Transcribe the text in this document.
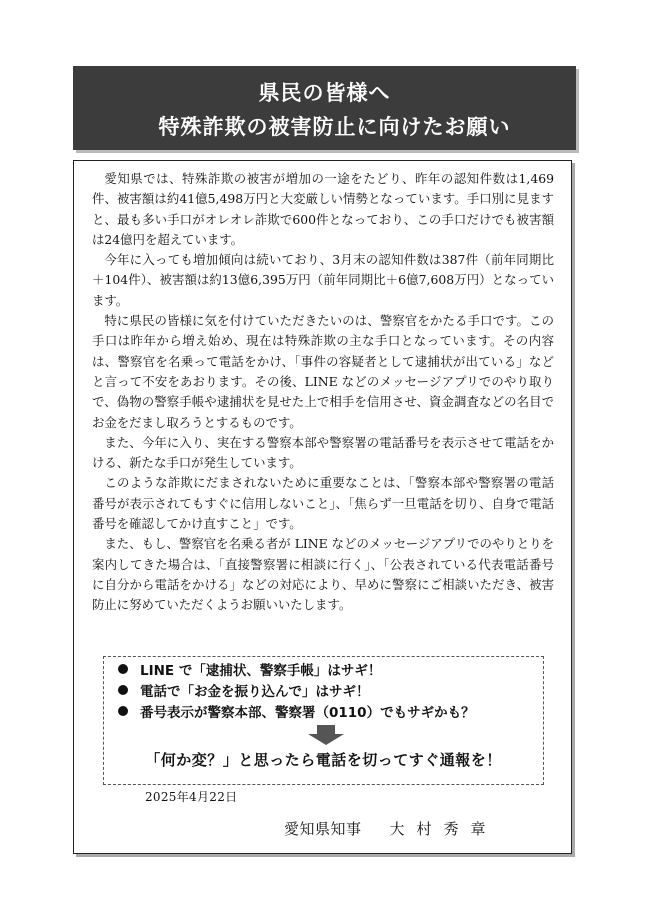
県民の皆様へ
特殊詐欺の被害防止に向けたお願い

愛知県では、特殊詐欺の被害が増加の一途をたどり、昨年の認知件数は1,469件、被害額は約41億5,498万円と大変厳しい情勢となっています。手口別に見ますと、最も多い手口がオレオレ詐欺で600件となっており、この手口だけでも被害額は24億円を超えています。

今年に入っても増加傾向は続いており、3月末の認知件数は387件（前年同期比＋104件）、被害額は約13億6,395万円（前年同期比＋6億7,608万円）となっています。

特に県民の皆様に気を付けていただきたいのは、警察官をかたる手口です。この手口は昨年から増え始め、現在は特殊詐欺の主な手口となっています。その内容は、警察官を名乗って電話をかけ、「事件の容疑者として逮捕状が出ている」などと言って不安をあおります。その後、LINE などのメッセージアプリでのやり取りで、偽物の警察手帳や逮捕状を見せた上で相手を信用させ、資金調査などの名目でお金をだまし取ろうとするものです。

また、今年に入り、実在する警察本部や警察署の電話番号を表示させて電話をかける、新たな手口が発生しています。

このような詐欺にだまされないために重要なことは、「警察本部や警察署の電話番号が表示されてもすぐに信用しないこと」、「焦らず一旦電話を切り、自身で電話番号を確認してかけ直すこと」です。

また、もし、警察官を名乗る者が LINE などのメッセージアプリでのやりとりを案内してきた場合は、「直接警察署に相談に行く」、「公表されている代表電話番号に自分から電話をかける」などの対応により、早めに警察にご相談いただき、被害防止に努めていただくようお願いいたします。

LINE で「逮捕状、警察手帳」はサギ！
電話で「お金を振り込んで」はサギ！
番号表示が警察本部、警察署（0110）でもサギかも？
「何か変？」と思ったら電話を切ってすぐ通報を！
2025年4月22日
愛知県知事 大村秀章
